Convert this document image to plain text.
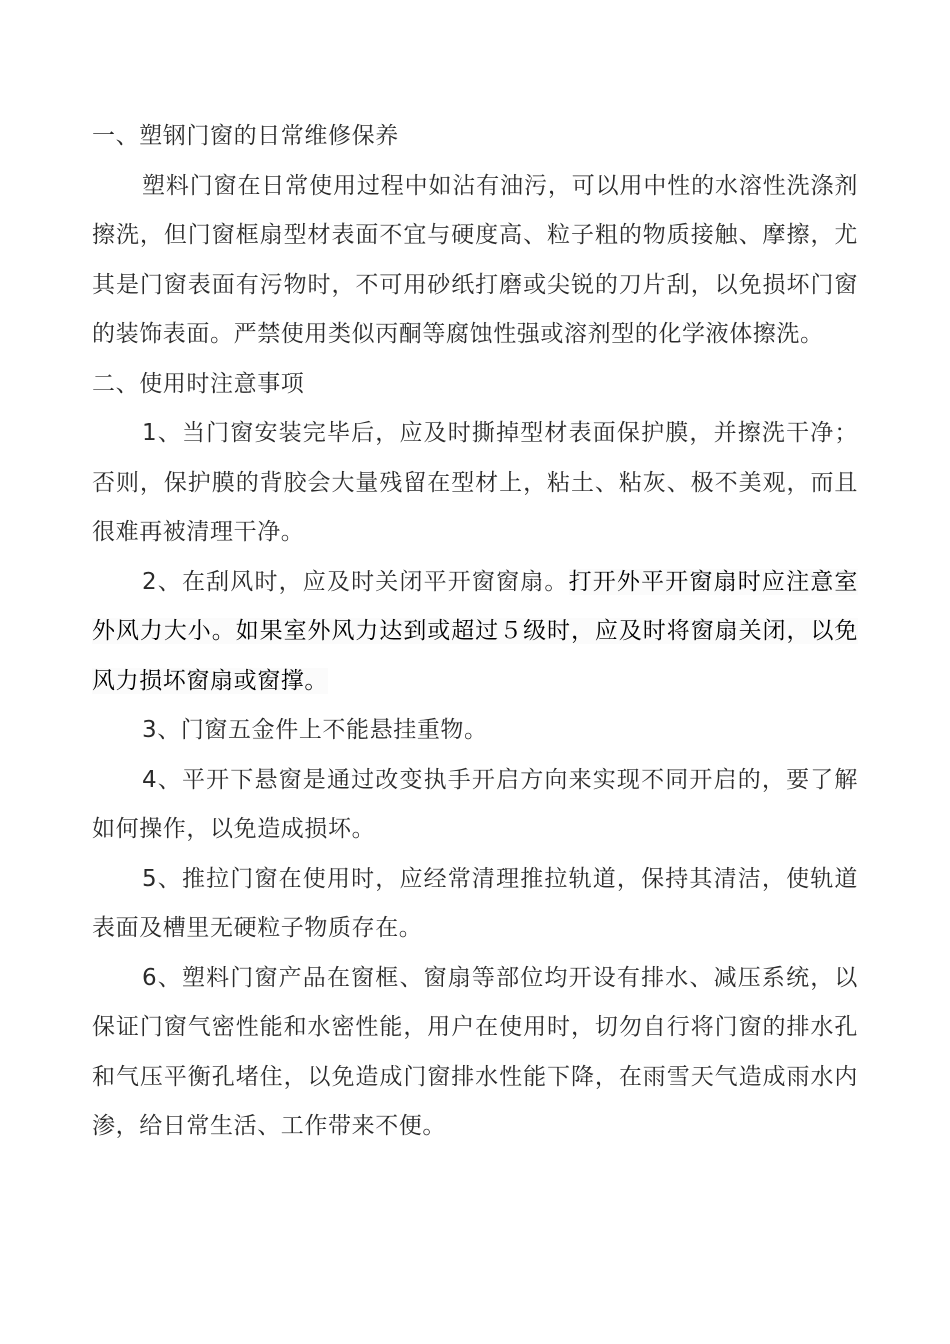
一、塑钢门窗的日常维修保养

塑料门窗在日常使用过程中如沾有油污，可以用中性的水溶性洗涤剂擦洗，但门窗框扇型材表面不宜与硬度高、粒子粗的物质接触、摩擦，尤其是门窗表面有污物时，不可用砂纸打磨或尖锐的刀片刮，以免损坏门窗的装饰表面。严禁使用类似丙酮等腐蚀性强或溶剂型的化学液体擦洗。

二、使用时注意事项

1、当门窗安装完毕后，应及时撕掉型材表面保护膜，并擦洗干净；否则，保护膜的背胶会大量残留在型材上，粘土、粘灰、极不美观，而且很难再被清理干净。

2、在刮风时，应及时关闭平开窗窗扇。打开外平开窗扇时应注意室外风力大小。如果室外风力达到或超过５级时，应及时将窗扇关闭，以免风力损坏窗扇或窗撑。

3、门窗五金件上不能悬挂重物。

4、平开下悬窗是通过改变执手开启方向来实现不同开启的，要了解如何操作，以免造成损坏。

5、推拉门窗在使用时，应经常清理推拉轨道，保持其清洁，使轨道表面及槽里无硬粒子物质存在。

6、塑料门窗产品在窗框、窗扇等部位均开设有排水、减压系统，以保证门窗气密性能和水密性能，用户在使用时，切勿自行将门窗的排水孔和气压平衡孔堵住，以免造成门窗排水性能下降，在雨雪天气造成雨水内渗，给日常生活、工作带来不便。
